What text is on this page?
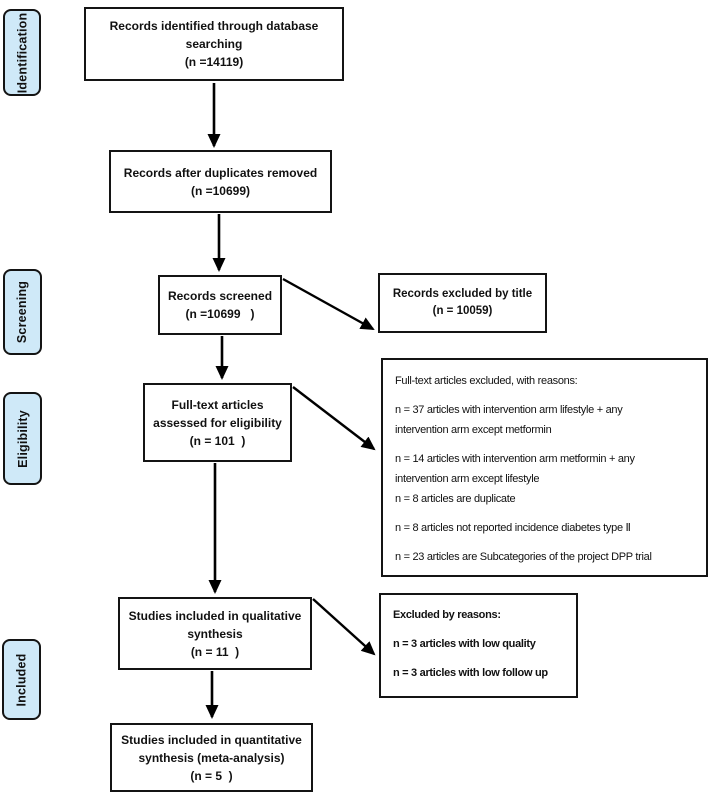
Identification
Screening
Eligibility
Included
Records identified through database
searching
(n =14119)
Records after duplicates removed
(n =10699)
Records screened
(n =10699   )
Records excluded by title
(n = 10059)
Full-text articles
assessed for eligibility
(n = 101  )
Full-text articles excluded, with reasons:
n = 37 articles with intervention arm lifestyle + any
intervention arm except metformin
n = 14 articles with intervention arm metformin + any
intervention arm except lifestyle
n = 8 articles are duplicate
n = 8 articles not reported incidence diabetes type Ⅱ
n = 23 articles are Subcategories of the project DPP trial
Studies included in qualitative
synthesis
(n = 11  )
Excluded by reasons:
n = 3 articles with low quality
n = 3 articles with low follow up
Studies included in quantitative
synthesis (meta-analysis)
(n = 5  )
